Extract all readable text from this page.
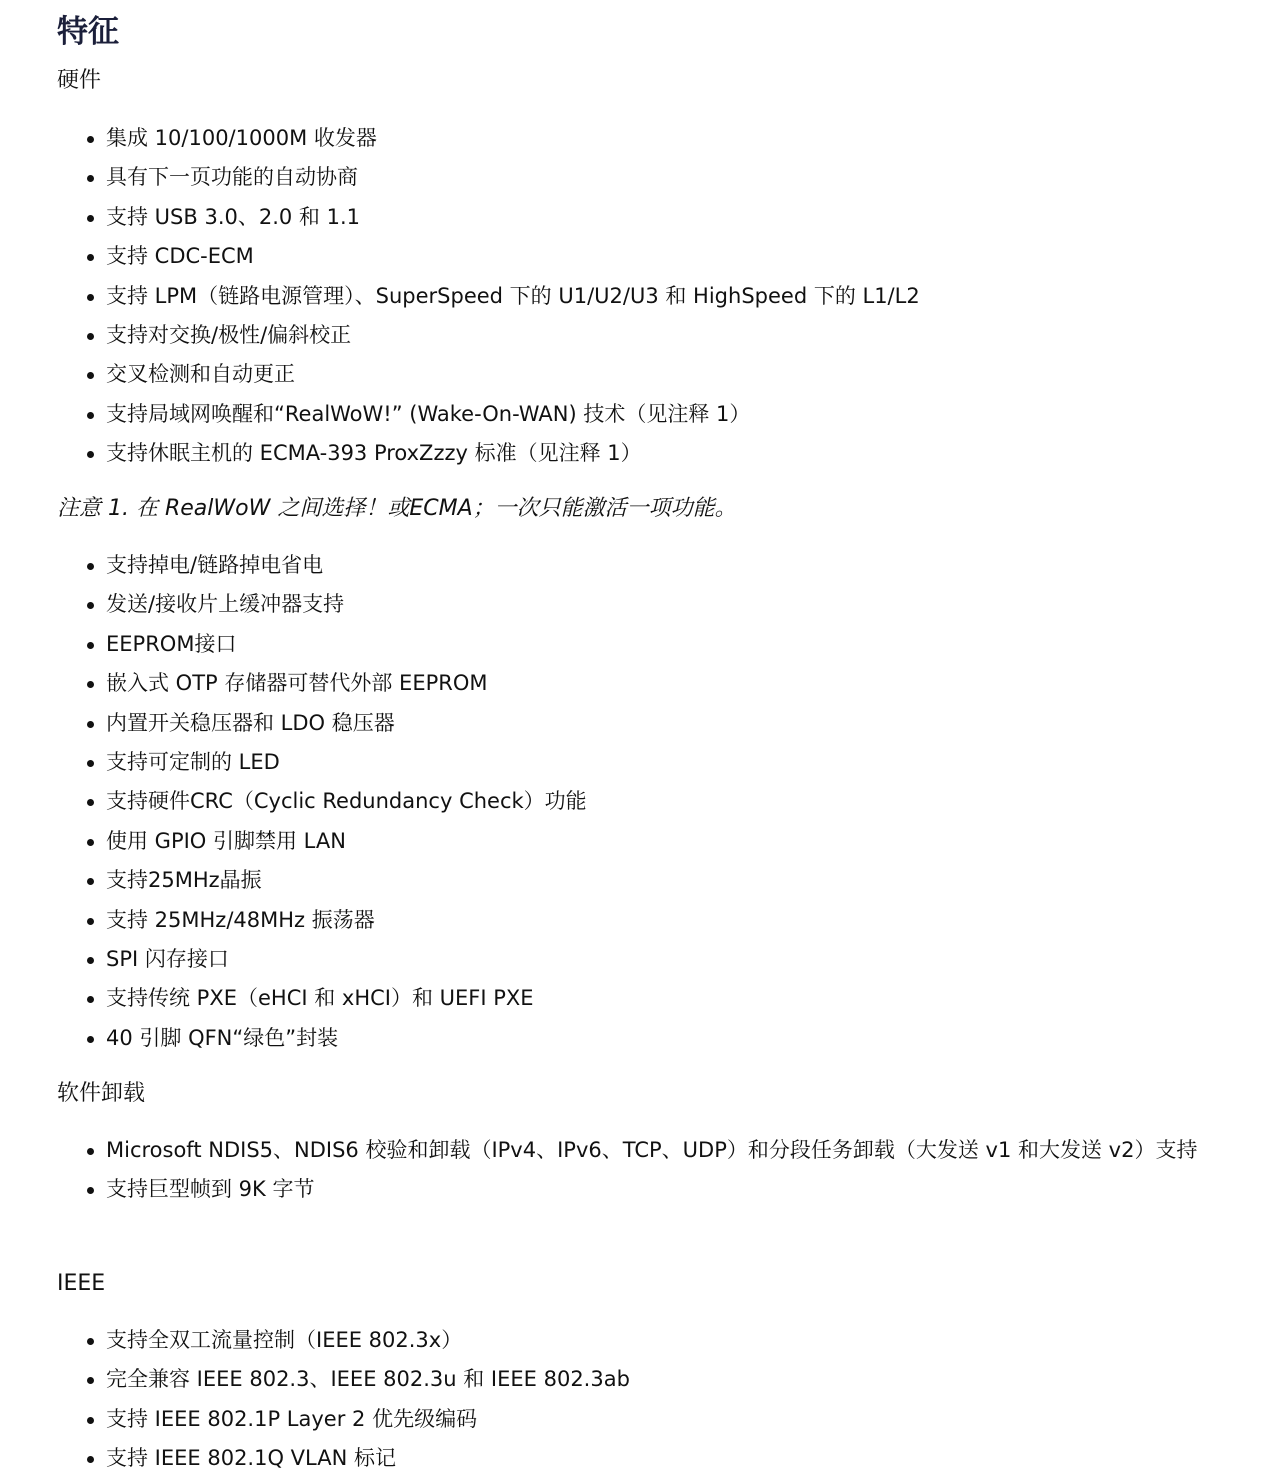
特征
硬件
集成 10/100/1000M 收发器
具有下一页功能的自动协商
支持 USB 3.0、2.0 和 1.1
支持 CDC-ECM
支持 LPM（链路电源管理）、SuperSpeed 下的 U1/U2/U3 和 HighSpeed 下的 L1/L2
支持对交换/极性/偏斜校正
交叉检测和自动更正
支持局域网唤醒和“RealWoW!” (Wake-On-WAN) 技术（见注释 1）
支持休眠主机的 ECMA-393 ProxZzzy 标准（见注释 1）
注意 1. 在 RealWoW 之间选择！或ECMA；一次只能激活一项功能。
支持掉电/链路掉电省电
发送/接收片上缓冲器支持
EEPROM接口
嵌入式 OTP 存储器可替代外部 EEPROM
内置开关稳压器和 LDO 稳压器
支持可定制的 LED
支持硬件CRC（Cyclic Redundancy Check）功能
使用 GPIO 引脚禁用 LAN
支持25MHz晶振
支持 25MHz/48MHz 振荡器
SPI 闪存接口
支持传统 PXE（eHCI 和 xHCI）和 UEFI PXE
40 引脚 QFN“绿色”封装
软件卸载
Microsoft NDIS5、NDIS6 校验和卸载（IPv4、IPv6、TCP、UDP）和分段任务卸载（大发送 v1 和大发送 v2）支持
支持巨型帧到 9K 字节
IEEE
支持全双工流量控制（IEEE 802.3x）
完全兼容 IEEE 802.3、IEEE 802.3u 和 IEEE 802.3ab
支持 IEEE 802.1P Layer 2 优先级编码
支持 IEEE 802.1Q VLAN 标记
